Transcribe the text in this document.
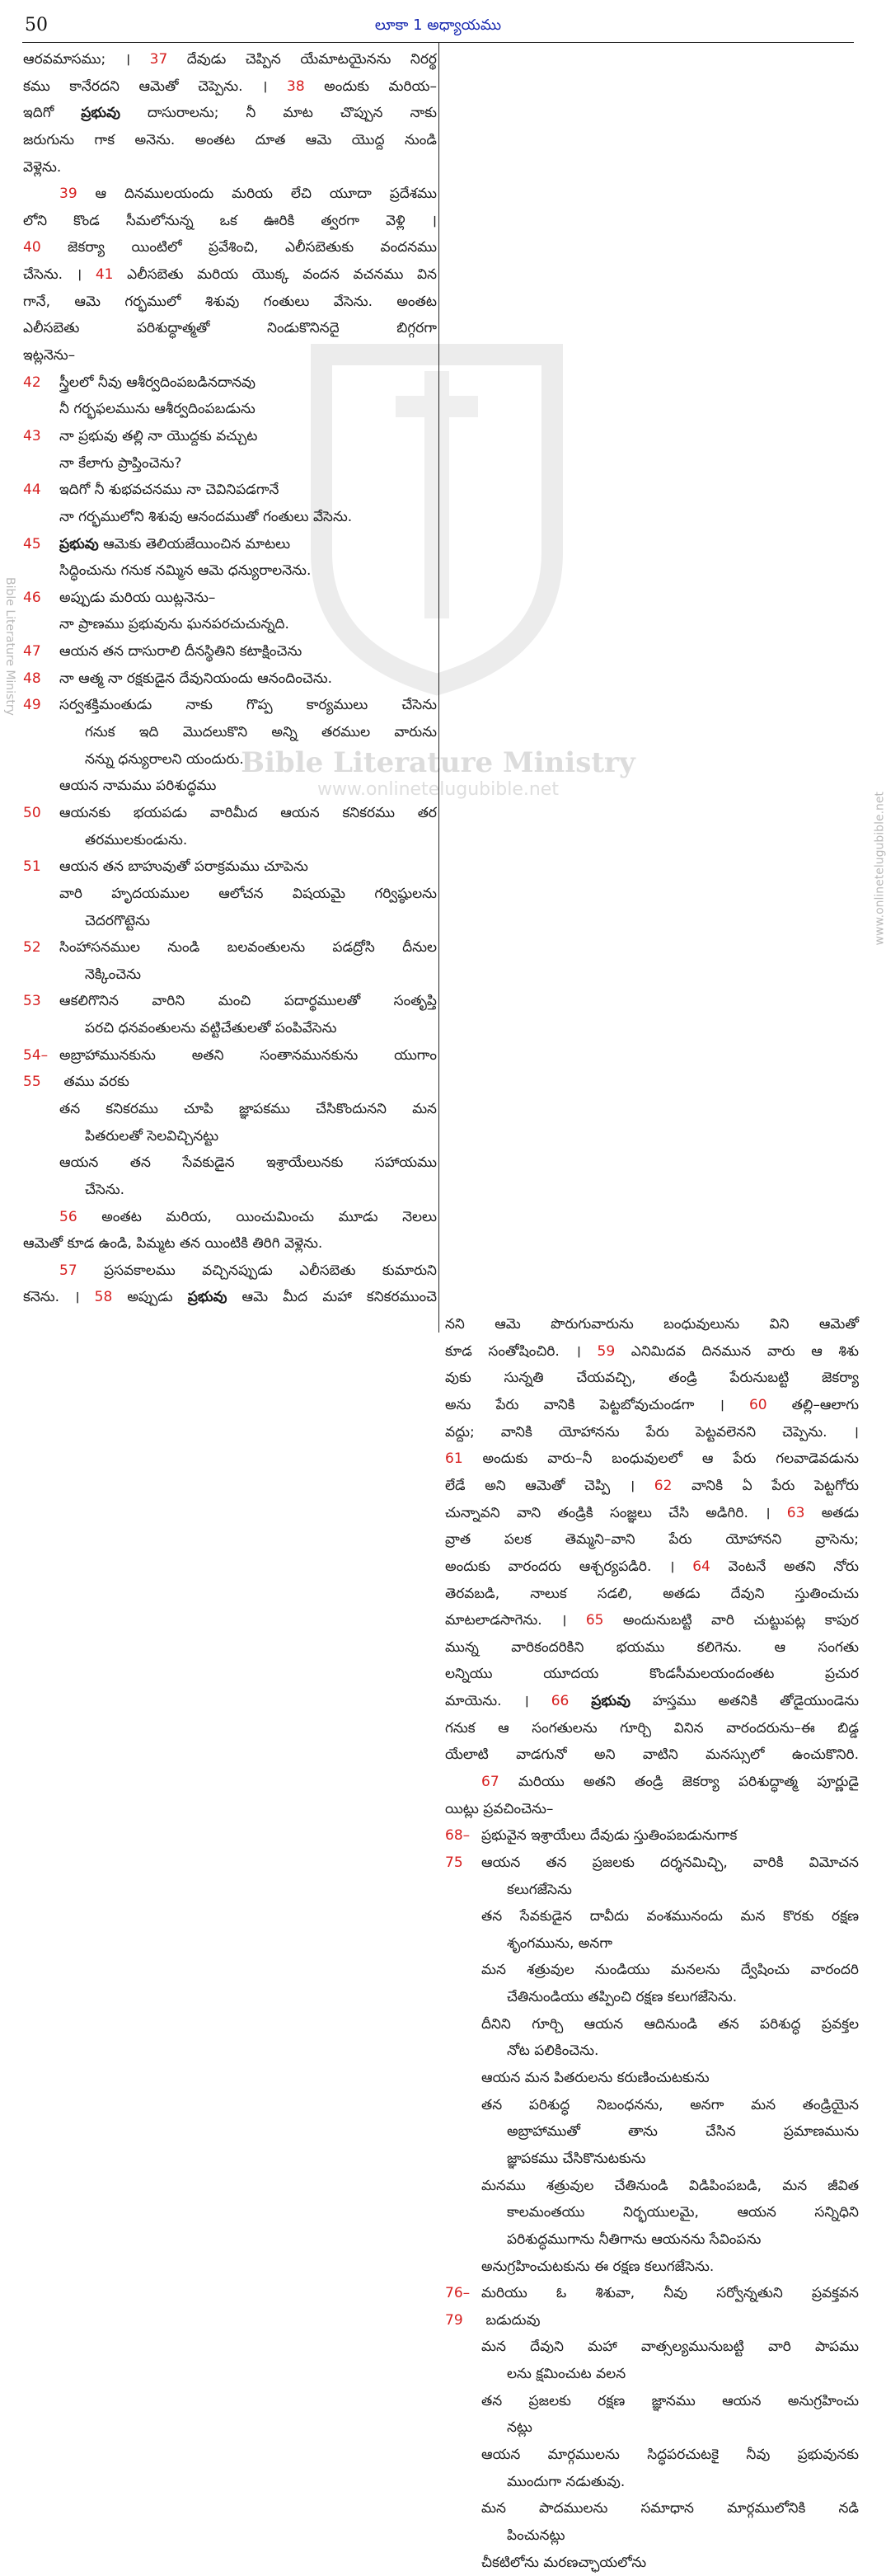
Bible Literature Ministry
www.onlinetelugubible.net
Bible Literature Ministry
www.onlinetelugubible.net
50	లూకా 1 అధ్యాయము
ఆరవమాసము; । 37 దేవుడు చెప్పిన యేమాటయైనను నిరర్థ
కము కానేరదని ఆమెతో చెప్పెను. । 38 అందుకు మరియ–
ఇదిగో ప్రభువు దాసురాలను; నీ మాట చొప్పున నాకు
జరుగును గాక అనెను. అంతట దూత ఆమె యొద్ద నుండి
వెళ్లెను.
39 ఆ దినములయందు మరియ లేచి యూదా ప్రదేశము
లోని కొండ సీమలోనున్న ఒక ఊరికి త్వరగా వెళ్లి ।
40 జెకర్యా యింటిలో ప్రవేశించి, ఎలీసబెతుకు వందనము
చేసెను. । 41 ఎలీసబెతు మరియ యొక్క వందన వచనము విన
గానే, ఆమె గర్భములో శిశువు గంతులు వేసెను. అంతట
ఎలీసబెతు పరిశుద్ధాత్మతో నిండుకొనినదై బిగ్గరగా
ఇట్లనెను–
42 స్త్రీలలో నీవు ఆశీర్వదింపబడినదానవు
నీ గర్భఫలమును ఆశీర్వదింపబడును
43 నా ప్రభువు తల్లి నా యొద్దకు వచ్చుట
నా కేలాగు ప్రాప్తించెను?
44 ఇదిగో నీ శుభవచనము నా చెవినిపడగానే
నా గర్భములోని శిశువు ఆనందముతో గంతులు వేసెను.
45 ప్రభువు ఆమెకు తెలియజేయించిన మాటలు
సిద్ధించును గనుక నమ్మిన ఆమె ధన్యురాలనెను.
46 అప్పుడు మరియ యిట్లనెను–
నా ప్రాణము ప్రభువును ఘనపరచుచున్నది.
47 ఆయన తన దాసురాలి దీనస్థితిని కటాక్షించెను
48 నా ఆత్మ నా రక్షకుడైన దేవునియందు ఆనందించెను.
49 సర్వశక్తిమంతుడు నాకు గొప్ప కార్యములు చేసెను
గనుక ఇది మొదలుకొని అన్ని తరముల వారును
నన్ను ధన్యురాలని యందురు.
ఆయన నామము పరిశుద్ధము
50 ఆయనకు భయపడు వారిమీద ఆయన కనికరము తర
తరములకుండును.
51 ఆయన తన బాహువుతో పరాక్రమము చూపెను
వారి హృదయముల ఆలోచన విషయమై గర్విష్ఠులను
చెదరగొట్టెను
52 సింహాసనముల నుండి బలవంతులను పడద్రోసి దీనుల
నెక్కించెను
53 ఆకలిగొనిన వారిని మంచి పదార్థములతో సంతృప్తి
పరచి ధనవంతులను వట్టిచేతులతో పంపివేసెను
54– అబ్రాహామునకును అతని సంతానమునకును యుగాం
55 తము వరకు
తన కనికరము చూపి జ్ఞాపకము చేసికొందునని మన
పితరులతో సెలవిచ్చినట్టు
ఆయన తన సేవకుడైన ఇశ్రాయేలునకు సహాయము
చేసెను.
56 అంతట మరియ, యించుమించు మూడు నెలలు
ఆమెతో కూడ ఉండి, పిమ్మట తన యింటికి తిరిగి వెళ్లెను.
57 ప్రసవకాలము వచ్చినప్పుడు ఎలీసబెతు కుమారుని
కనెను. । 58 అప్పుడు ప్రభువు ఆమె మీద మహా కనికరముంచె
నని ఆమె పొరుగువారును బంధువులును విని ఆమెతో
కూడ సంతోషించిరి. । 59 ఎనిమిదవ దినమున వారు ఆ శిశు
వుకు సున్నతి చేయవచ్చి, తండ్రి పేరునుబట్టి జెకర్యా
అను పేరు వానికి పెట్టబోవుచుండగా । 60 తల్లి–ఆలాగు
వద్దు; వానికి యోహానను పేరు పెట్టవలెనని చెప్పెను. ।
61 అందుకు వారు–నీ బంధువులలో ఆ పేరు గలవాడెవడును
లేడే అని ఆమెతో చెప్పి । 62 వానికి ఏ పేరు పెట్టగోరు
చున్నావని వాని తండ్రికి సంజ్ఞలు చేసి అడిగిరి. । 63 అతడు
వ్రాత పలక తెమ్మని–వాని పేరు యోహానని వ్రాసెను;
అందుకు వారందరు ఆశ్చర్యపడిరి. । 64 వెంటనే అతని నోరు
తెరవబడి, నాలుక సడలి, అతడు దేవుని స్తుతించుచు
మాటలాడసాగెను. । 65 అందునుబట్టి వారి చుట్టుపట్ల కాపుర
మున్న వారికందరికిని భయము కలిగెను. ఆ సంగతు
లన్నియు యూదయ కొండసీమలయందంతట ప్రచుర
మాయెను. । 66 ప్రభువు హస్తము అతనికి తోడైయుండెను
గనుక ఆ సంగతులను గూర్చి వినిన వారందరును–ఈ బిడ్డ
యేలాటి వాడగునో అని వాటిని మనస్సులో ఉంచుకొనిరి.
67 మరియు అతని తండ్రి జెకర్యా పరిశుద్ధాత్మ పూర్ణుడై
యిట్లు ప్రవచించెను–
68– ప్రభువైన ఇశ్రాయేలు దేవుడు స్తుతింపబడునుగాక
75 ఆయన తన ప్రజలకు దర్శనమిచ్చి, వారికి విమోచన
కలుగజేసెను
తన సేవకుడైన దావీదు వంశమునందు మన కొరకు రక్షణ
శృంగమును, అనగా
మన శత్రువుల నుండియు మనలను ద్వేషించు వారందరి
చేతినుండియు తప్పించి రక్షణ కలుగజేసెను.
దీనిని గూర్చి ఆయన ఆదినుండి తన పరిశుద్ధ ప్రవక్తల
నోట పలికించెను.
ఆయన మన పితరులను కరుణించుటకును
తన పరిశుద్ధ నిబంధనను, అనగా మన తండ్రియైన
అబ్రాహాముతో తాను చేసిన ప్రమాణమును
జ్ఞాపకము చేసికొనుటకును
మనము శత్రువుల చేతినుండి విడిపింపబడి, మన జీవిత
కాలమంతయు నిర్భయులమై, ఆయన సన్నిధిని
పరిశుద్ధముగాను నీతిగాను ఆయనను సేవింపను
అనుగ్రహించుటకును ఈ రక్షణ కలుగజేసెను.
76– మరియు ఓ శిశువా, నీవు సర్వోన్నతుని ప్రవక్తవన
79 బడుదువు
మన దేవుని మహా వాత్సల్యమునుబట్టి వారి పాపము
లను క్షమించుట వలన
తన ప్రజలకు రక్షణ జ్ఞానము ఆయన అనుగ్రహించు
నట్లు
ఆయన మార్గములను సిద్ధపరచుటకై నీవు ప్రభువునకు
ముందుగా నడుతువు.
మన పాదములను సమాధాన మార్గములోనికి నడి
పించునట్లు
చీకటిలోను మరణచ్ఛాయలోను
